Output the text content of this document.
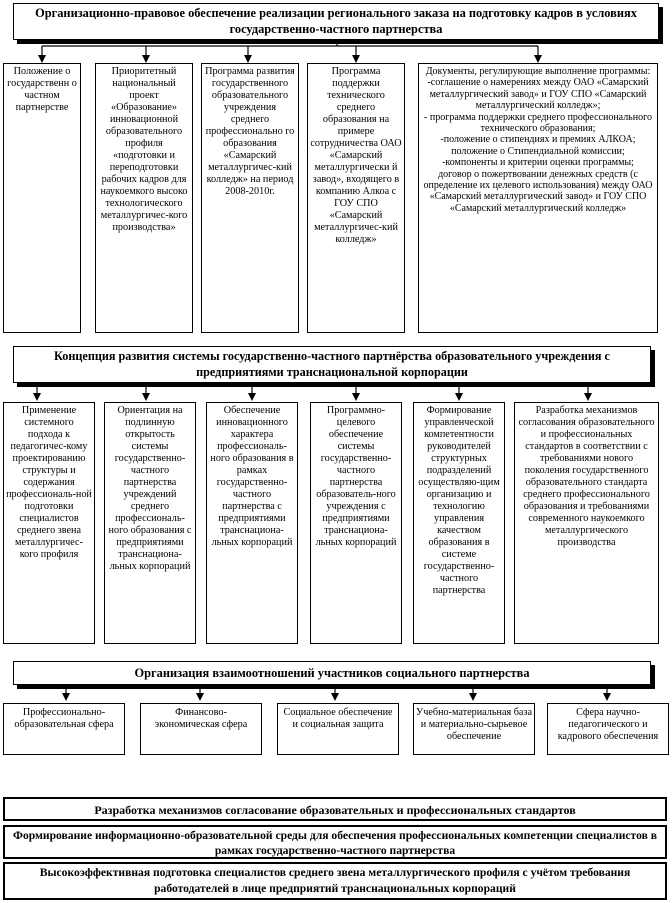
Организационно-правовое обеспечение реализации регионального заказа на подготовку кадров в условиях государственно-частного партнерства
Положение о государственн о частном партнерстве
Приоритетный национальный проект «Образование» инновационной образовательного профиля «подготовки и переподготовки рабочих кадров для наукоемкого высоко технологического металлургичес-кого производства»
Программа развития государственного образовательного учреждения среднего профессионально го образования «Самарский металлургичес-кий колледж» на период 2008-2010г.
Программа поддержки технического среднего образования на примере сотрудничества ОАО «Самарский металлургически й завод», входящего в компанию Алкоа с ГОУ СПО «Самарский металлургичес-кий колледж»
Документы, регулирующие выполнение программы:
-соглашение о намерениях между ОАО «Самарский металлургический завод» и ГОУ СПО «Самарский металлургический колледж»;
- программа поддержки среднего профессионального технического образования;
-положение о стипендиях и премиях АЛКОА;
положение о Стипендиальной комиссии;
-компоненты и критерии оценки программы;
договор о пожертвовании денежных средств (с определение их целевого использования) между ОАО «Самарский металлургический завод» и ГОУ СПО «Самарский металлургический колледж»
Концепция развития системы государственно-частного партнёрства образовательного учреждения с предприятиями транснациональной корпорации
Применение системного подхода к педагогичес-кому проектированию структуры и содержания профессиональ-ной подготовки специалистов среднего звена металлургичес-кого профиля
Ориентация на подлинную открытость системы государственно-частного партнерства учреждений среднего профессиональ-ного образования с предприятиями транснациона-льных корпораций
Обеспечение инновационного характера профессиональ-ного образования в рамках государственно-частного партнерства с предприятиями транснациона-льных корпораций
Программно-целевого обеспечение системы государственно-частного партнерства образователь-ного учреждения с предприятиями транснациона-льных корпораций
Формирование управленческой компетентности руководителей структурных подразделений осуществляю-щим организацию и технологию управления качеством образования в системе государственно-частного партнерства
Разработка механизмов согласования образовательного и профессиональных стандартов в соответствии с требованиями нового поколения государственного образовательного стандарта среднего профессионального образования и требованиями современного наукоемкого металлургического производства
Организация взаимоотношений участников социального партнерства
Профессионально-образовательная сфера
Финансово-экономическая сфера
Социальное обеспечение и социальная защита
Учебно-материальная база и материально-сырьевое обеспечение
Сфера научно-педагогического и кадрового обеспечения
Разработка механизмов согласование образовательных и профессиональных стандартов
Формирование информационно-образовательной среды для обеспечения профессиональных компетенции специалистов в рамках государственно-частного партнерства
Высокоэффективная подготовка специалистов среднего звена металлургического профиля с учётом требования работодателей в лице предприятий транснациональных корпораций
